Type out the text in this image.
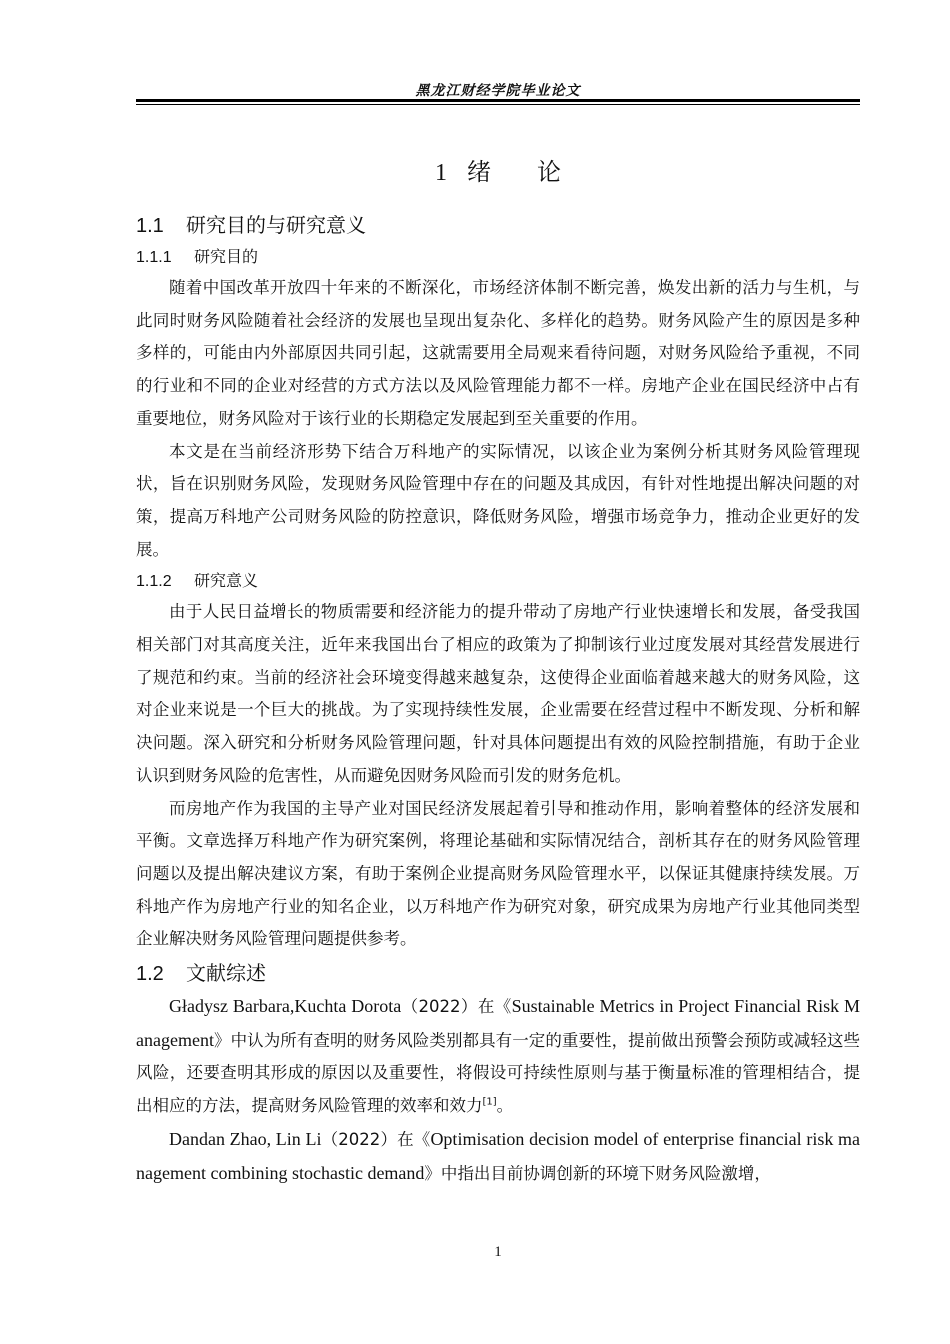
黑龙江财经学院毕业论文
1 绪 论
1.1 研究目的与研究意义
1.1.1 研究目的

随着中国改革开放四十年来的不断深化，市场经济体制不断完善，焕发出新的活力与生机，与此同时财务风险随着社会经济的发展也呈现出复杂化、多样化的趋势。财务风险产生的原因是多种多样的，可能由内外部原因共同引起，这就需要用全局观来看待问题，对财务风险给予重视，不同的行业和不同的企业对经营的方式方法以及风险管理能力都不一样。房地产企业在国民经济中占有重要地位，财务风险对于该行业的长期稳定发展起到至关重要的作用。

本文是在当前经济形势下结合万科地产的实际情况，以该企业为案例分析其财务风险管理现状，旨在识别财务风险，发现财务风险管理中存在的问题及其成因，有针对性地提出解决问题的对策，提高万科地产公司财务风险的防控意识，降低财务风险，增强市场竞争力，推动企业更好的发展。

1.1.2 研究意义

由于人民日益增长的物质需要和经济能力的提升带动了房地产行业快速增长和发展，备受我国相关部门对其高度关注，近年来我国出台了相应的政策为了抑制该行业过度发展对其经营发展进行了规范和约束。当前的经济社会环境变得越来越复杂，这使得企业面临着越来越大的财务风险，这对企业来说是一个巨大的挑战。为了实现持续性发展，企业需要在经营过程中不断发现、分析和解决问题。深入研究和分析财务风险管理问题，针对具体问题提出有效的风险控制措施，有助于企业认识到财务风险的危害性，从而避免因财务风险而引发的财务危机。

而房地产作为我国的主导产业对国民经济发展起着引导和推动作用，影响着整体的经济发展和平衡。文章选择万科地产作为研究案例，将理论基础和实际情况结合，剖析其存在的财务风险管理问题以及提出解决建议方案，有助于案例企业提高财务风险管理水平，以保证其健康持续发展。万科地产作为房地产行业的知名企业，以万科地产作为研究对象，研究成果为房地产行业其他同类型企业解决财务风险管理问题提供参考。

1.2 文献综述

Gładysz Barbara,Kuchta Dorota（2022）在《Sustainable Metrics in Project Financial Risk Management》中认为所有查明的财务风险类别都具有一定的重要性，提前做出预警会预防或减轻这些风险，还要查明其形成的原因以及重要性，将假设可持续性原则与基于衡量标准的管理相结合，提出相应的方法，提高财务风险管理的效率和效力[1]。

Dandan Zhao, Lin Li（2022）在《Optimisation decision model of enterprise financial risk management combining stochastic demand》中指出目前协调创新的环境下财务风险激增，

1
